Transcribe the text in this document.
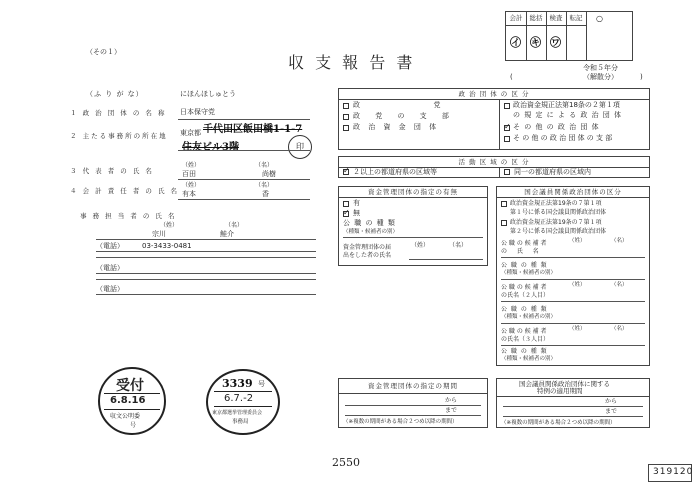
（その１）
収 支 報 告 書	令和５年分
（解散分）
(	)
会計	総括	検査	転記	○
㋑ ㋖ ㋻
（ふ り が な）	にほんほしゅとう
１ 政 治 団 体 の 名 称 日本保守党
２ 主たる事務所の所在地 東京都 千代田区飯田橋1-1-7
住友ビル3階	印
３ 代 表 者 の 氏 名
（姓）	（名）
百田	尚樹
４ 会 計 責 任 者 の 氏 名
（姓）	（名）
有本	香
事 務 担 当 者 の 氏 名
（姓）	（名）
宗川	鮭介
（電話）	03-3433-0481
（電話）
（電話）
政 治 団 体 の 区 分
政 　　　　　　 党
政 　党 　の 　支 　部
政 治 資 金 団 体
政治資金規正法第18条の２第１項
の 規 定 に よ る 政 治 団 体
✓
そ の 他 の 政 治 団 体
そ の 他 の 政 治 団 体 の 支 部
活 動 区 域 の 区 分
✓
２以上の都道府県の区域等	同一の都道府県の区域内
資金管理団体の指定の有無
有
✓
無
公 職 の 種 類
（種類・候補者の別）
資金管理団体の届
出をした者の氏名
（姓）	（名）
国会議員関係政治団体の区分
政治資金規正法第19条の７第１項
第１号に係る国会議員関係政治団体
政治資金規正法第19条の７第１項
第２号に係る国会議員関係政治団体
公 職 の 候 補 者
の 　 氏 　 名
（姓）	（名）
公 職 の 種 類
（種類・候補者の別）
公 職 の 候 補 者
の氏名（２人目）
（姓）	（名）
公 職 の 種 類
（種類・候補者の別）
公 職 の 候 補 者
の氏名（３人目）
（姓）	（名）
公 職 の 種 類
（種類・候補者の別）
資金管理団体の指定の期間
から
まで
（※複数の期間がある場合２つめ以降の期間）
国会議員関係政治団体に関する
特例の適用期間
から
まで
（※複数の期間がある場合２つめ以降の期間）
受付
6.8.16
収文公明委
号
3339 号
6.7.-2
東京都選挙管理委員会
事務局
2550
319120
